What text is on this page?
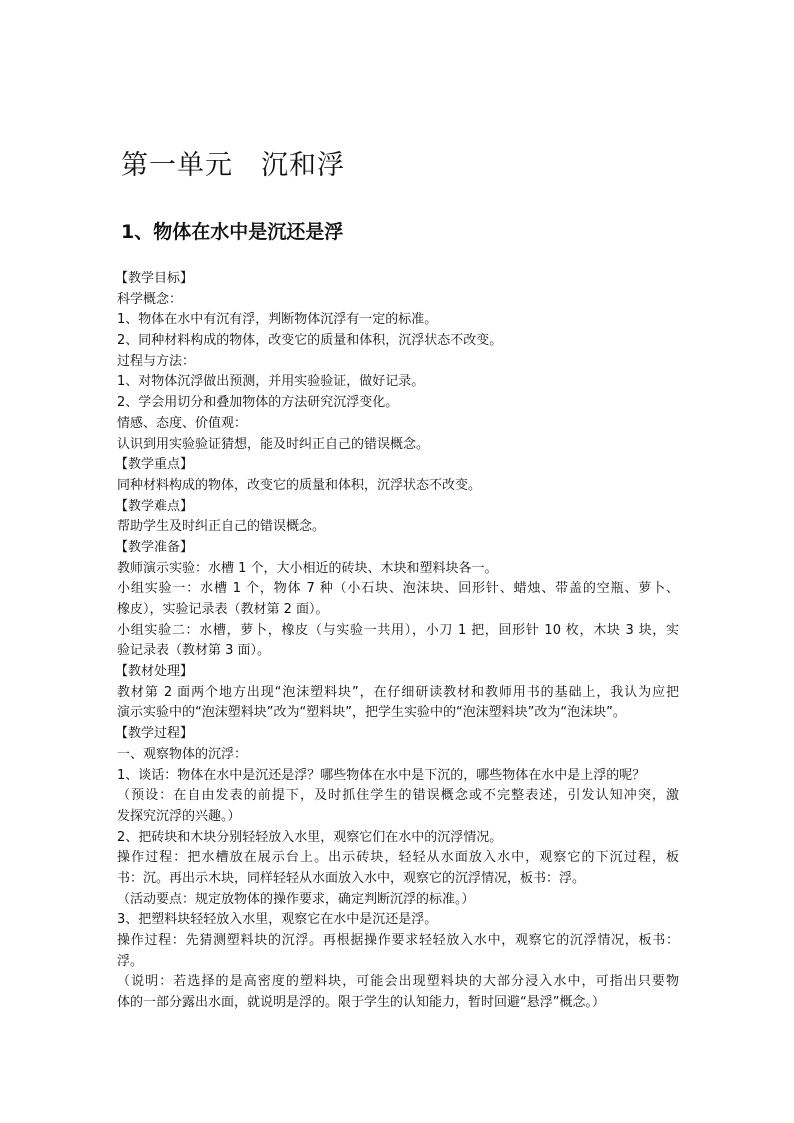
第一单元　沉和浮
1、物体在水中是沉还是浮
【教学目标】
科学概念：
1、物体在水中有沉有浮，判断物体沉浮有一定的标准。
2、同种材料构成的物体，改变它的质量和体积，沉浮状态不改变。
过程与方法：
1、对物体沉浮做出预测，并用实验验证，做好记录。
2、学会用切分和叠加物体的方法研究沉浮变化。
情感、态度、价值观：
认识到用实验验证猜想，能及时纠正自己的错误概念。
【教学重点】
同种材料构成的物体，改变它的质量和体积，沉浮状态不改变。
【教学难点】
帮助学生及时纠正自己的错误概念。
【教学准备】
教师演示实验：水槽 1 个，大小相近的砖块、木块和塑料块各一。
小组实验一：水槽 1 个，物体 7 种（小石块、泡沫块、回形针、蜡烛、带盖的空瓶、萝卜、
橡皮），实验记录表（教材第 2 面）。
小组实验二：水槽，萝卜，橡皮（与实验一共用），小刀 1 把，回形针 10 枚，木块 3 块，实
验记录表（教材第 3 面）。
【教材处理】
教材第 2 面两个地方出现“泡沫塑料块”，在仔细研读教材和教师用书的基础上，我认为应把
演示实验中的“泡沫塑料块”改为“塑料块”，把学生实验中的“泡沫塑料块”改为“泡沫块”。
【教学过程】
一、观察物体的沉浮：
1、谈话：物体在水中是沉还是浮？哪些物体在水中是下沉的，哪些物体在水中是上浮的呢？
（预设：在自由发表的前提下，及时抓住学生的错误概念或不完整表述，引发认知冲突，激
发探究沉浮的兴趣。）
2、把砖块和木块分别轻轻放入水里，观察它们在水中的沉浮情况。
操作过程：把水槽放在展示台上。出示砖块，轻轻从水面放入水中，观察它的下沉过程，板
书：沉。再出示木块，同样轻轻从水面放入水中，观察它的沉浮情况，板书：浮。
（活动要点：规定放物体的操作要求，确定判断沉浮的标准。）
3、把塑料块轻轻放入水里，观察它在水中是沉还是浮。
操作过程：先猜测塑料块的沉浮。再根据操作要求轻轻放入水中，观察它的沉浮情况，板书：
浮。
（说明：若选择的是高密度的塑料块，可能会出现塑料块的大部分浸入水中，可指出只要物
体的一部分露出水面，就说明是浮的。限于学生的认知能力，暂时回避“悬浮”概念。）
